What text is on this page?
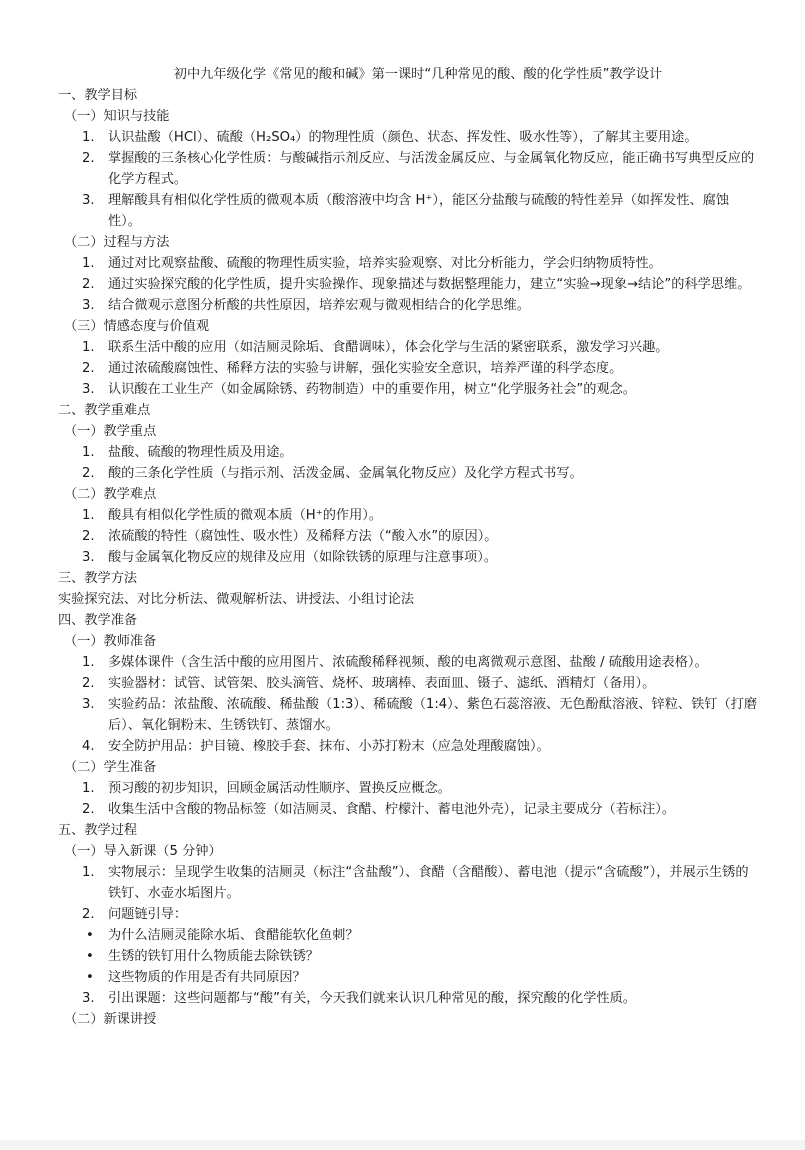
初中九年级化学《常见的酸和碱》第一课时“几种常见的酸、酸的化学性质”教学设计
一、教学目标
（一）知识与技能
1. 认识盐酸（HCl）、硫酸（H₂SO₄）的物理性质（颜色、状态、挥发性、吸水性等），了解其主要用途。
2. 掌握酸的三条核心化学性质：与酸碱指示剂反应、与活泼金属反应、与金属氧化物反应，能正确书写典型反应的化学方程式。
3. 理解酸具有相似化学性质的微观本质（酸溶液中均含 H⁺），能区分盐酸与硫酸的特性差异（如挥发性、腐蚀性）。
（二）过程与方法
1. 通过对比观察盐酸、硫酸的物理性质实验，培养实验观察、对比分析能力，学会归纳物质特性。
2. 通过实验探究酸的化学性质，提升实验操作、现象描述与数据整理能力，建立“实验→现象→结论”的科学思维。
3. 结合微观示意图分析酸的共性原因，培养宏观与微观相结合的化学思维。
（三）情感态度与价值观
1. 联系生活中酸的应用（如洁厕灵除垢、食醋调味），体会化学与生活的紧密联系，激发学习兴趣。
2. 通过浓硫酸腐蚀性、稀释方法的实验与讲解，强化实验安全意识，培养严谨的科学态度。
3. 认识酸在工业生产（如金属除锈、药物制造）中的重要作用，树立“化学服务社会”的观念。
二、教学重难点
（一）教学重点
1. 盐酸、硫酸的物理性质及用途。
2. 酸的三条化学性质（与指示剂、活泼金属、金属氧化物反应）及化学方程式书写。
（二）教学难点
1. 酸具有相似化学性质的微观本质（H⁺的作用）。
2. 浓硫酸的特性（腐蚀性、吸水性）及稀释方法（“酸入水”的原因）。
3. 酸与金属氧化物反应的规律及应用（如除铁锈的原理与注意事项）。
三、教学方法
实验探究法、对比分析法、微观解析法、讲授法、小组讨论法
四、教学准备
（一）教师准备
1. 多媒体课件（含生活中酸的应用图片、浓硫酸稀释视频、酸的电离微观示意图、盐酸 / 硫酸用途表格）。
2. 实验器材：试管、试管架、胶头滴管、烧杯、玻璃棒、表面皿、镊子、滤纸、酒精灯（备用）。
3. 实验药品：浓盐酸、浓硫酸、稀盐酸（1:3）、稀硫酸（1:4）、紫色石蕊溶液、无色酚酞溶液、锌粒、铁钉（打磨后）、氧化铜粉末、生锈铁钉、蒸馏水。
4. 安全防护用品：护目镜、橡胶手套、抹布、小苏打粉末（应急处理酸腐蚀）。
（二）学生准备
1. 预习酸的初步知识，回顾金属活动性顺序、置换反应概念。
2. 收集生活中含酸的物品标签（如洁厕灵、食醋、柠檬汁、蓄电池外壳），记录主要成分（若标注）。
五、教学过程
（一）导入新课（5 分钟）
1. 实物展示：呈现学生收集的洁厕灵（标注“含盐酸”）、食醋（含醋酸）、蓄电池（提示“含硫酸”），并展示生锈的铁钉、水壶水垢图片。
2. 问题链引导：
• 为什么洁厕灵能除水垢、食醋能软化鱼刺？
• 生锈的铁钉用什么物质能去除铁锈？
• 这些物质的作用是否有共同原因？
3. 引出课题：这些问题都与“酸”有关，今天我们就来认识几种常见的酸，探究酸的化学性质。
（二）新课讲授
